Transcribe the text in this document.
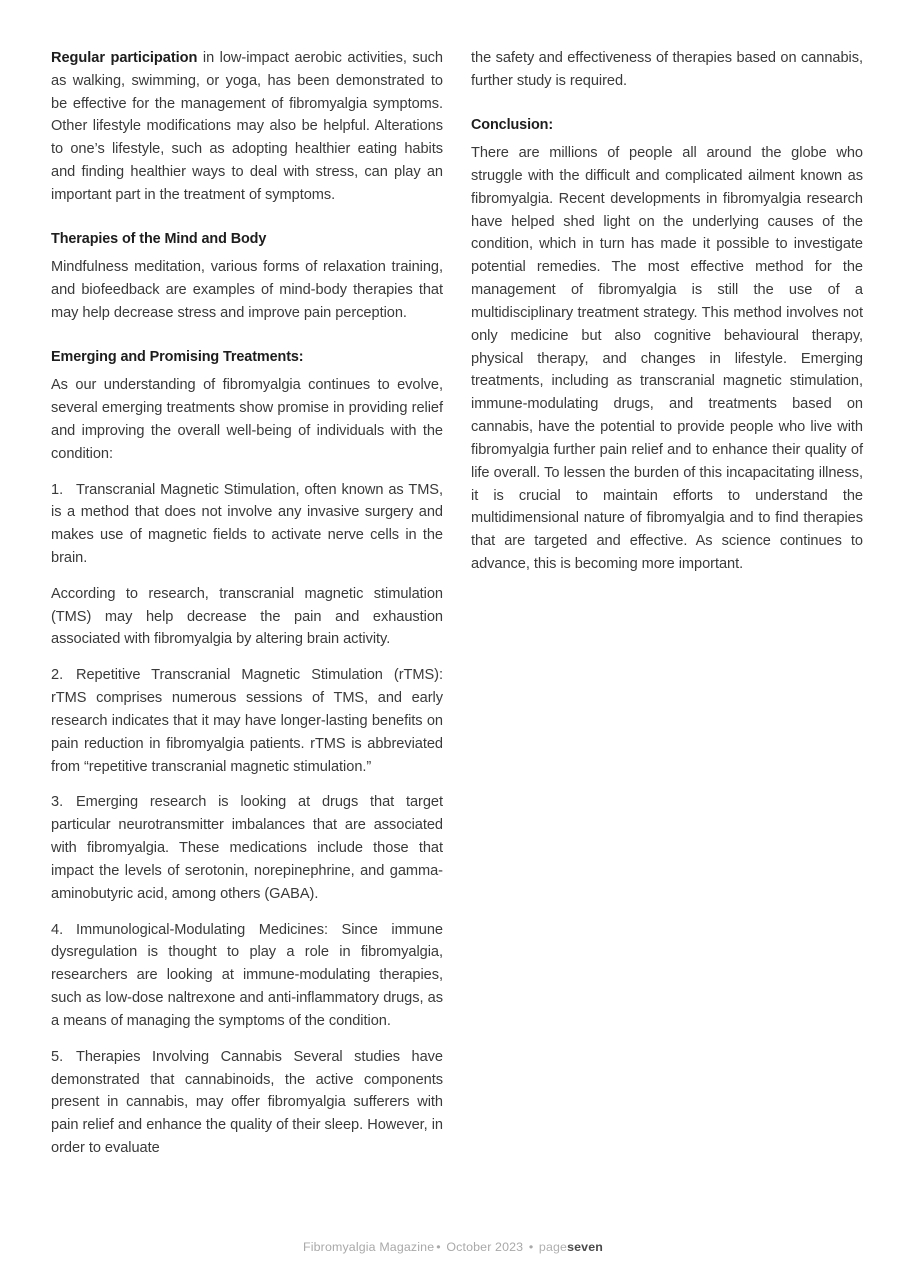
Regular participation in low-impact aerobic activities, such as walking, swimming, or yoga, has been demonstrated to be effective for the management of fibromyalgia symptoms. Other lifestyle modifications may also be helpful. Alterations to one’s lifestyle, such as adopting healthier eating habits and finding healthier ways to deal with stress, can play an important part in the treatment of symptoms.

Therapies of the Mind and Body

Mindfulness meditation, various forms of relaxation training, and biofeedback are examples of mind-body therapies that may help decrease stress and improve pain perception.

Emerging and Promising Treatments:

As our understanding of fibromyalgia continues to evolve, several emerging treatments show promise in providing relief and improving the overall well-being of individuals with the condition:

1. Transcranial Magnetic Stimulation, often known as TMS, is a method that does not involve any invasive surgery and makes use of magnetic fields to activate nerve cells in the brain.

According to research, transcranial magnetic stimulation (TMS) may help decrease the pain and exhaustion associated with fibromyalgia by altering brain activity.

2. Repetitive Transcranial Magnetic Stimulation (rTMS): rTMS comprises numerous sessions of TMS, and early research indicates that it may have longer-lasting benefits on pain reduction in fibromyalgia patients. rTMS is abbreviated from “repetitive transcranial magnetic stimulation.”

3. Emerging research is looking at drugs that target particular neurotransmitter imbalances that are associated with fibromyalgia. These medications include those that impact the levels of serotonin, norepinephrine, and gamma-aminobutyric acid, among others (GABA).

4. Immunological-Modulating Medicines: Since immune dysregulation is thought to play a role in fibromyalgia, researchers are looking at immune-modulating therapies, such as low-dose naltrexone and anti-inflammatory drugs, as a means of managing the symptoms of the condition.

5. Therapies Involving Cannabis Several studies have demonstrated that cannabinoids, the active components present in cannabis, may offer fibromyalgia sufferers with pain relief and enhance the quality of their sleep. However, in order to evaluate

the safety and effectiveness of therapies based on cannabis, further study is required.

Conclusion:

There are millions of people all around the globe who struggle with the difficult and complicated ailment known as fibromyalgia. Recent developments in fibromyalgia research have helped shed light on the underlying causes of the condition, which in turn has made it possible to investigate potential remedies. The most effective method for the management of fibromyalgia is still the use of a multidisciplinary treatment strategy. This method involves not only medicine but also cognitive behavioural therapy, physical therapy, and changes in lifestyle. Emerging treatments, including as transcranial magnetic stimulation, immune-modulating drugs, and treatments based on cannabis, have the potential to provide people who live with fibromyalgia further pain relief and to enhance their quality of life overall. To lessen the burden of this incapacitating illness, it is crucial to maintain efforts to understand the multidimensional nature of fibromyalgia and to find therapies that are targeted and effective. As science continues to advance, this is becoming more important.

Fibromyalgia Magazine • October 2023 • pageseven
